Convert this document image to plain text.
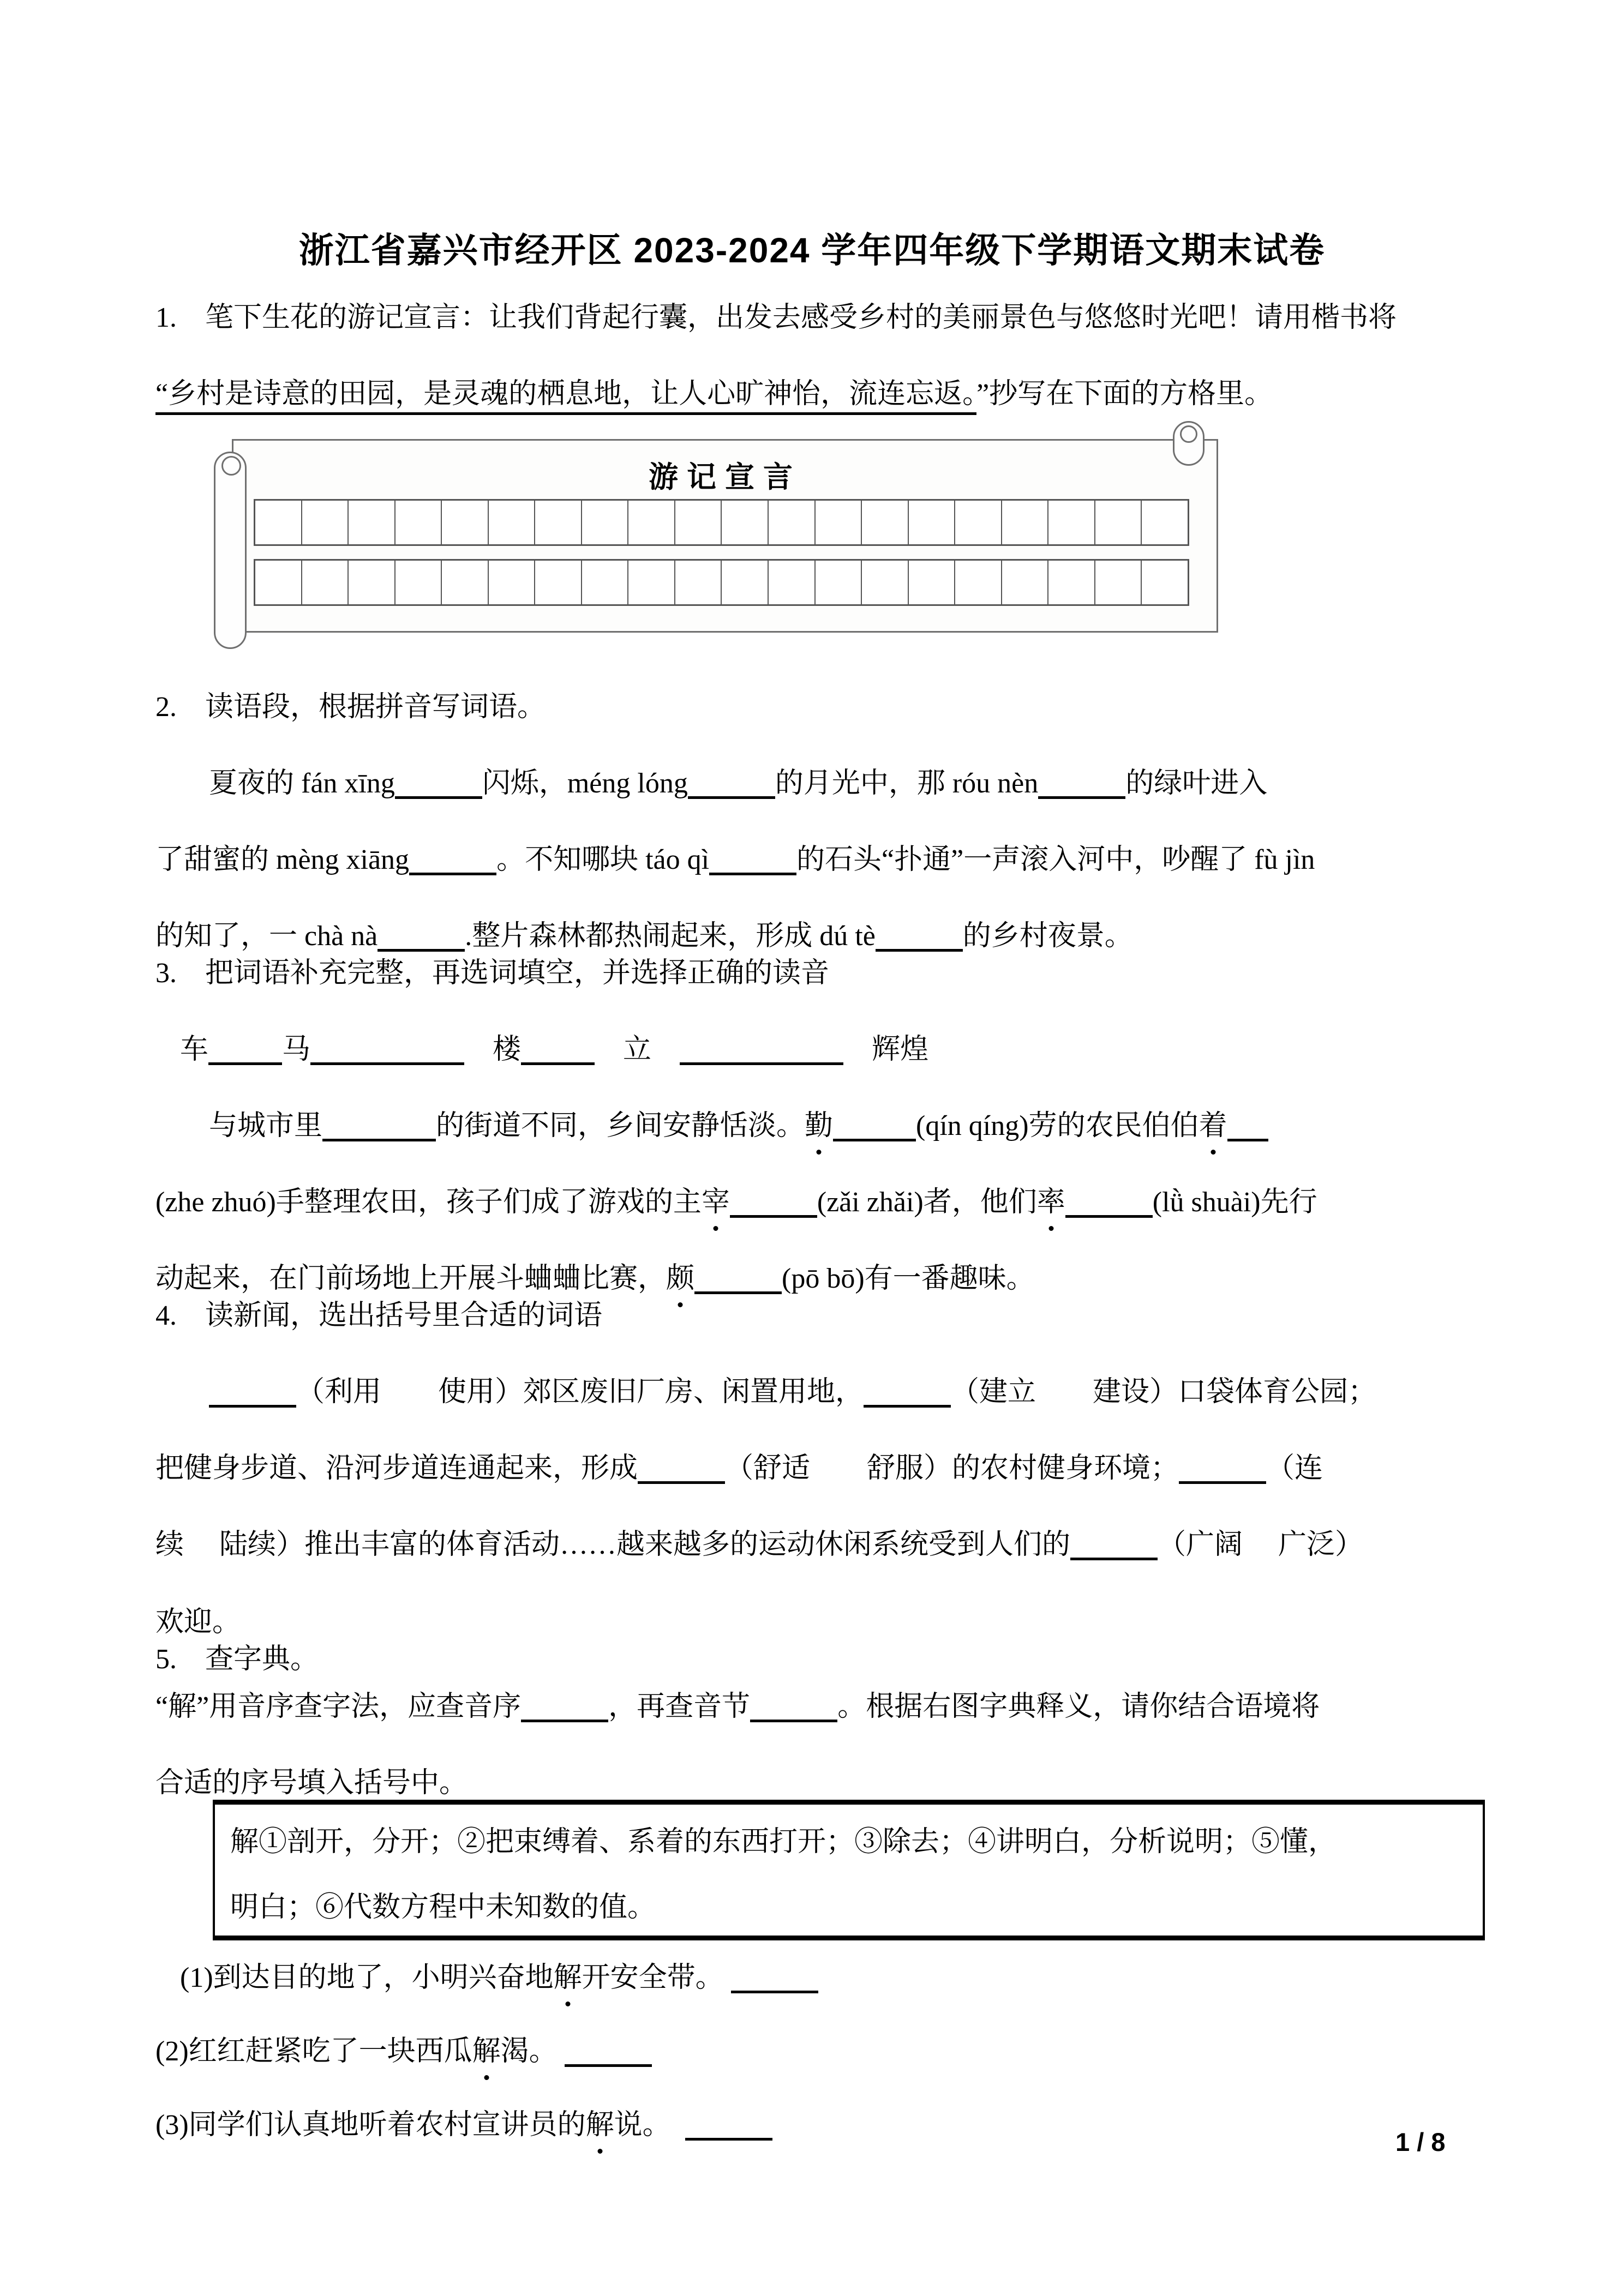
浙江省嘉兴市经开区 2023-2024 学年四年级下学期语文期末试卷
1.　笔下生花的游记宣言：让我们背起行囊，出发去感受乡村的美丽景色与悠悠时光吧！请用楷书将
“乡村是诗意的田园，是灵魂的栖息地，让人心旷神怡，流连忘返。”抄写在下面的方格里。
游记宣言
2.　读语段，根据拼音写词语。
夏夜的 fán xīng	闪烁，méng lóng	的月光中，那 róu nèn	的绿叶进入
了甜蜜的 mèng xiāng	。不知哪块 táo qì	的石头“扑通”一声滚入河中，吵醒了 fù jìn
的知了，一 chà nà	.整片森林都热闹起来，形成 dú tè	的乡村夜景。
3.　把词语补充完整，再选词填空，并选择正确的读音
车	马	　楼	　立　	　辉煌
与城市里	的街道不同，乡间安静恬淡。勤	(qín qíng)劳的农民伯伯着
(zhe zhuó)手整理农田，孩子们成了游戏的主宰	(zǎi zhǎi)者，他们率	(lǜ shuài)先行
动起来，在门前场地上开展斗蛐蛐比赛，颇	(pō bō)有一番趣味。
4.　读新闻，选出括号里合适的词语
（利用　　使用）郊区废旧厂房、闲置用地，	（建立　　建设）口袋体育公园；
把健身步道、沿河步道连通起来，形成	（舒适　　舒服）的农村健身环境；	（连
续　 陆续）推出丰富的体育活动……越来越多的运动休闲系统受到人们的	（广阔　 广泛）
欢迎。
5.　查字典。
“解”用音序查字法，应查音序	，再查音节	。根据右图字典释义，请你结合语境将
合适的序号填入括号中。
解①剖开，分开；②把束缚着、系着的东西打开；③除去；④讲明白，分析说明；⑤懂，
明白；⑥代数方程中未知数的值。
(1)到达目的地了，小明兴奋地解开安全带。
(2)红红赶紧吃了一块西瓜解渴。
(3)同学们认真地听着农村宣讲员的解说。　
1 / 8
